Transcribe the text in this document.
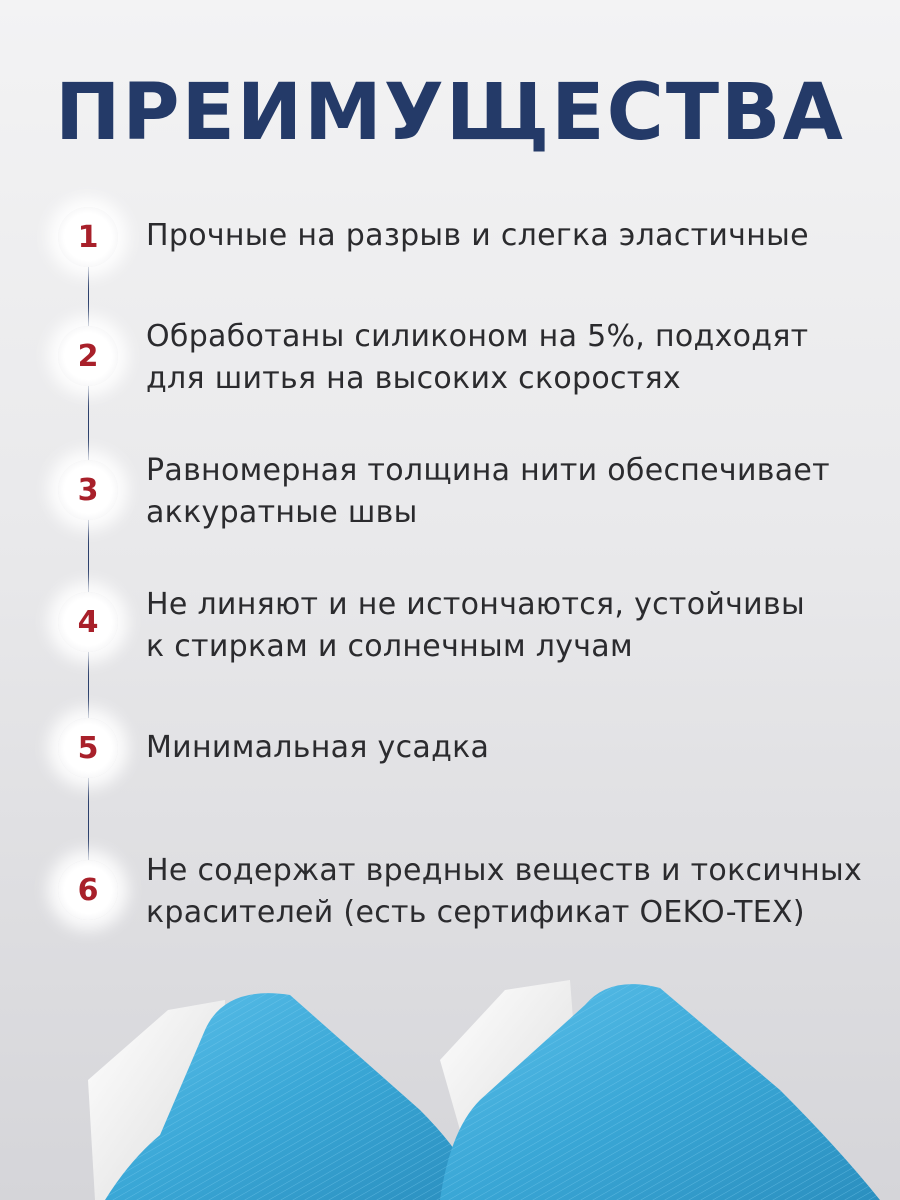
ПРЕИМУЩЕСТВА
1 Прочные на разрыв и слегка эластичные
2
Обработаны силиконом на 5%, подходят
для шитья на высоких скоростях
3
Равномерная толщина нити обеспечивает
аккуратные швы
4 Не линяют и не истончаются, устойчивы
к стиркам и солнечным лучам
5 Минимальная усадка
6
Не содержат вредных веществ и токсичных
красителей (есть сертификат OEKO-TEX)
